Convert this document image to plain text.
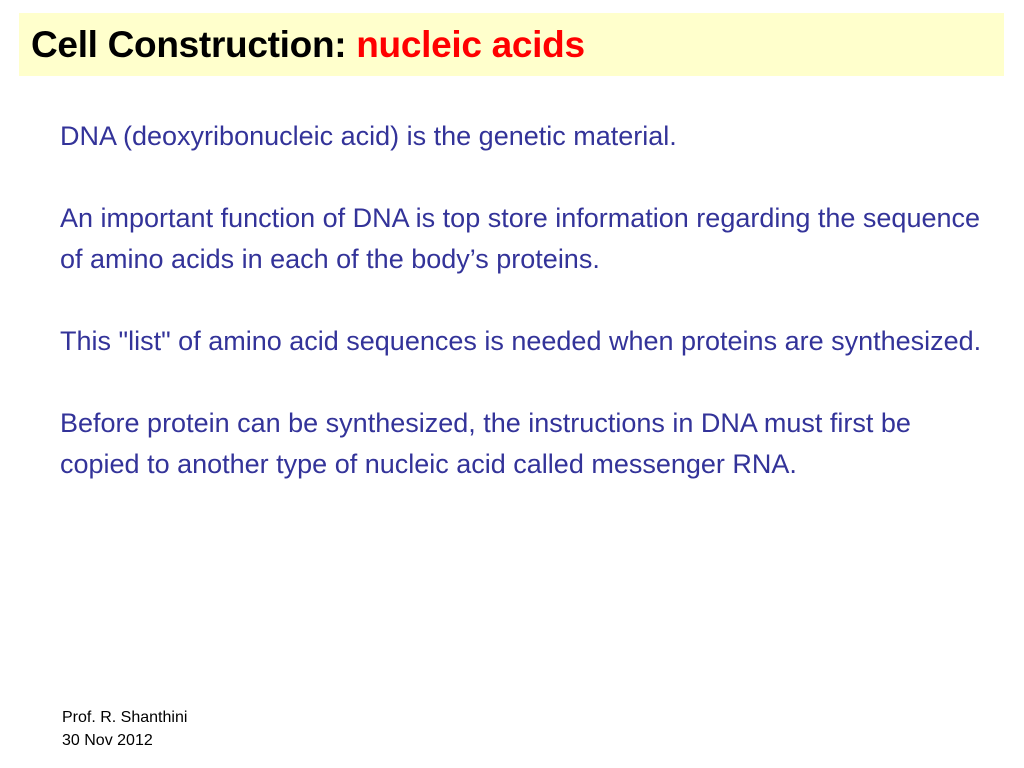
Cell Construction: nucleic acids

DNA (deoxyribonucleic acid) is the genetic material.

An important function of DNA is top store information regarding the sequence of amino acids in each of the body’s proteins.

This "list" of amino acid sequences is needed when proteins are synthesized.

Before protein can be synthesized, the instructions in DNA must first be copied to another type of nucleic acid called messenger RNA.

Prof. R. Shanthini
30 Nov 2012
